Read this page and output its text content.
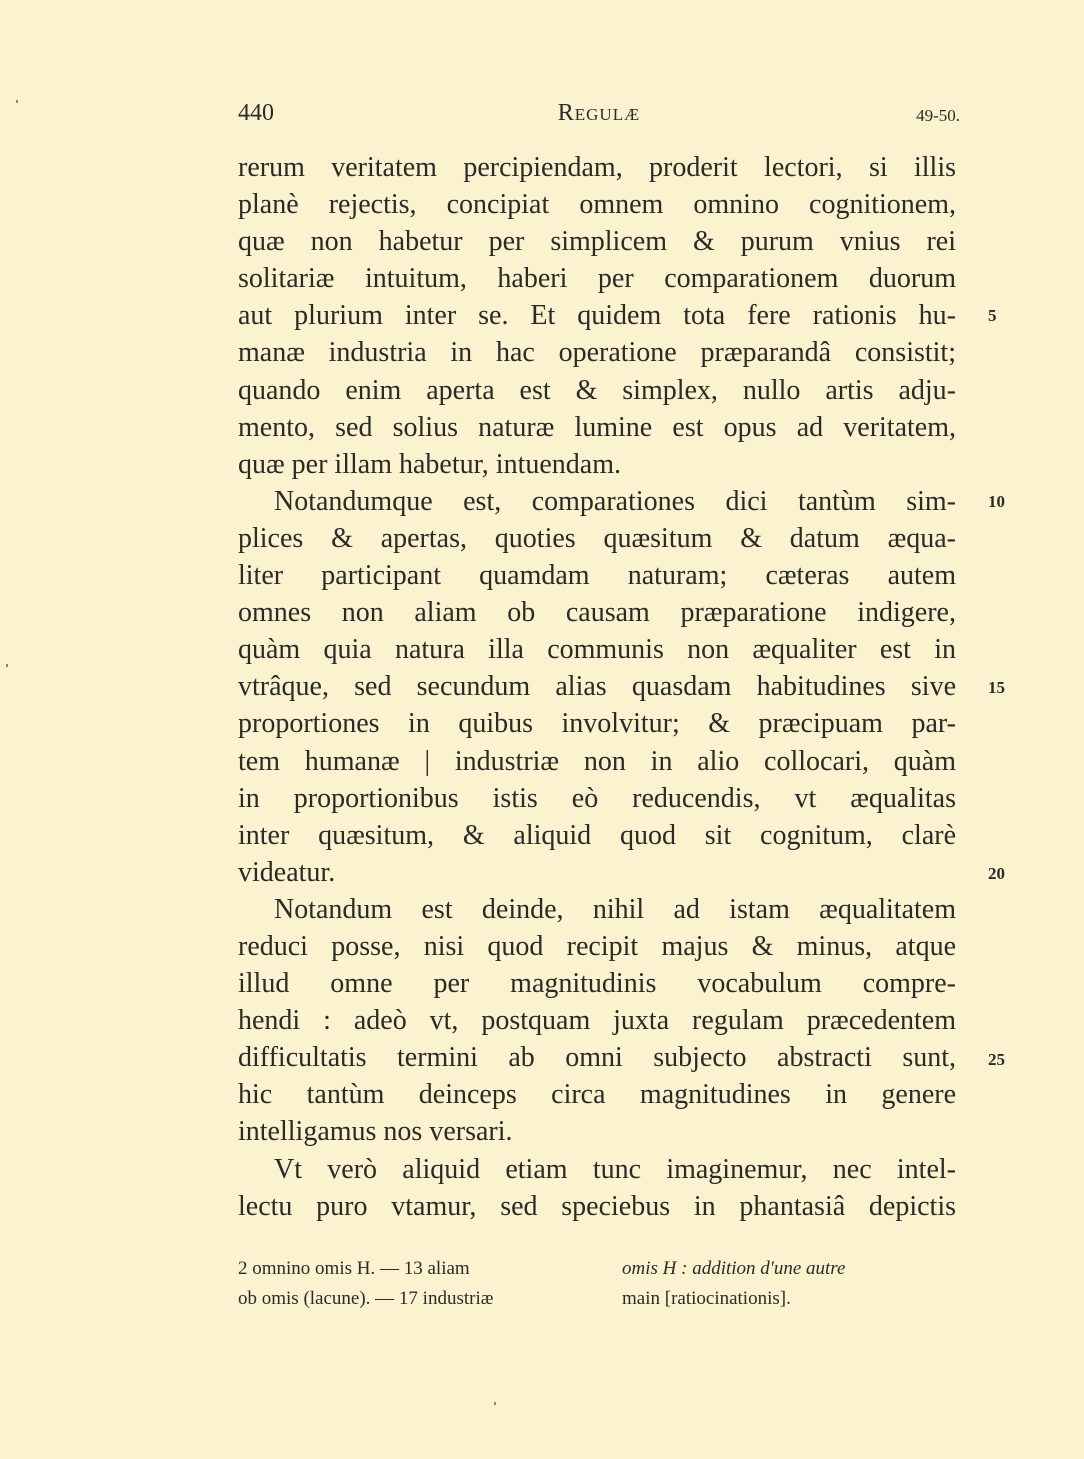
440	Regulæ	49-50.
rerum veritatem percipiendam, proderit lectori, si illis
planè rejectis, concipiat omnem omnino cognitionem,
quæ non habetur per simplicem & purum vnius rei
solitariæ intuitum, haberi per comparationem duorum
aut plurium inter se. Et quidem tota fere rationis hu-
manæ industria in hac operatione præparandâ consistit;
quando enim aperta est & simplex, nullo artis adju-
mento, sed solius naturæ lumine est opus ad veritatem,
quæ per illam habetur, intuendam.
Notandumque est, comparationes dici tantùm sim-
plices & apertas, quoties quæsitum & datum æqua-
liter participant quamdam naturam; cæteras autem
omnes non aliam ob causam præparatione indigere,
quàm quia natura illa communis non æqualiter est in
vtrâque, sed secundum alias quasdam habitudines sive
proportiones in quibus involvitur; & præcipuam par-
tem humanæ | industriæ non in alio collocari, quàm
in proportionibus istis eò reducendis, vt æqualitas
inter quæsitum, & aliquid quod sit cognitum, clarè
videatur.
Notandum est deinde, nihil ad istam æqualitatem
reduci posse, nisi quod recipit majus & minus, atque
illud omne per magnitudinis vocabulum compre-
hendi : adeò vt, postquam juxta regulam præcedentem
difficultatis termini ab omni subjecto abstracti sunt,
hic tantùm deinceps circa magnitudines in genere
intelligamus nos versari.
Vt verò aliquid etiam tunc imaginemur, nec intel-
lectu puro vtamur, sed speciebus in phantasiâ depictis
5
10
15
20
25
2 omnino omis H. — 13 aliam
ob omis (lacune). — 17 industriæ
omis H : addition d'une autre
main [ratiocinationis].
